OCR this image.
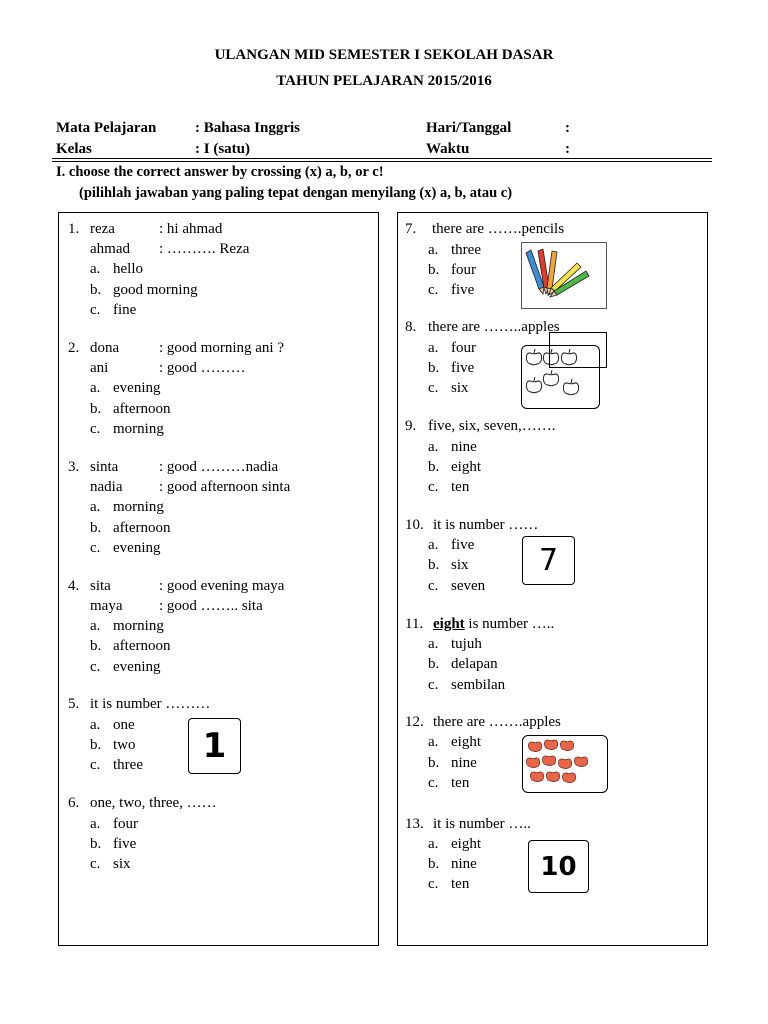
ULANGAN MID SEMESTER I SEKOLAH DASAR
TAHUN PELAJARAN 2015/2016
Mata Pelajaran	: Bahasa Inggris	Hari/Tanggal	:
Kelas	: I (satu)	Waktu	:
I. choose the correct answer by crossing (x) a, b, or c!
(pilihlah jawaban yang paling tepat dengan menyilang (x) a, b, atau c)
1. reza	: hi ahmad
ahmad : ………. Reza
a. hello
b. good morning
c. fine
2. dona	: good morning ani ?
ani	: good ………
a. evening
b. afternoon
c. morning
3. sinta	: good ………nadia
nadia : good afternoon sinta
a. morning
b. afternoon
c. evening
4. sita	: good evening maya
maya : good …….. sita
a. morning
b. afternoon
c. evening
5. it is number ………
a. one
b. two
c. three 1
6. one, two, three, ……
a. four
b. five
c. six
7. there are …….pencils
a. three
b. four
c. five
8. there are ……..apples
a. four
b. five
c. six
9. five, six, seven,…….
a. nine
b. eight
c. ten
10. it is number ……
a. five
b. six
c. seven
7
11. eight is number …..
a. tujuh
b. delapan
c. sembilan
12. there are …….apples
a. eight
b. nine
c. ten
13. it is number …..
a. eight
b. nine
c. ten
10
